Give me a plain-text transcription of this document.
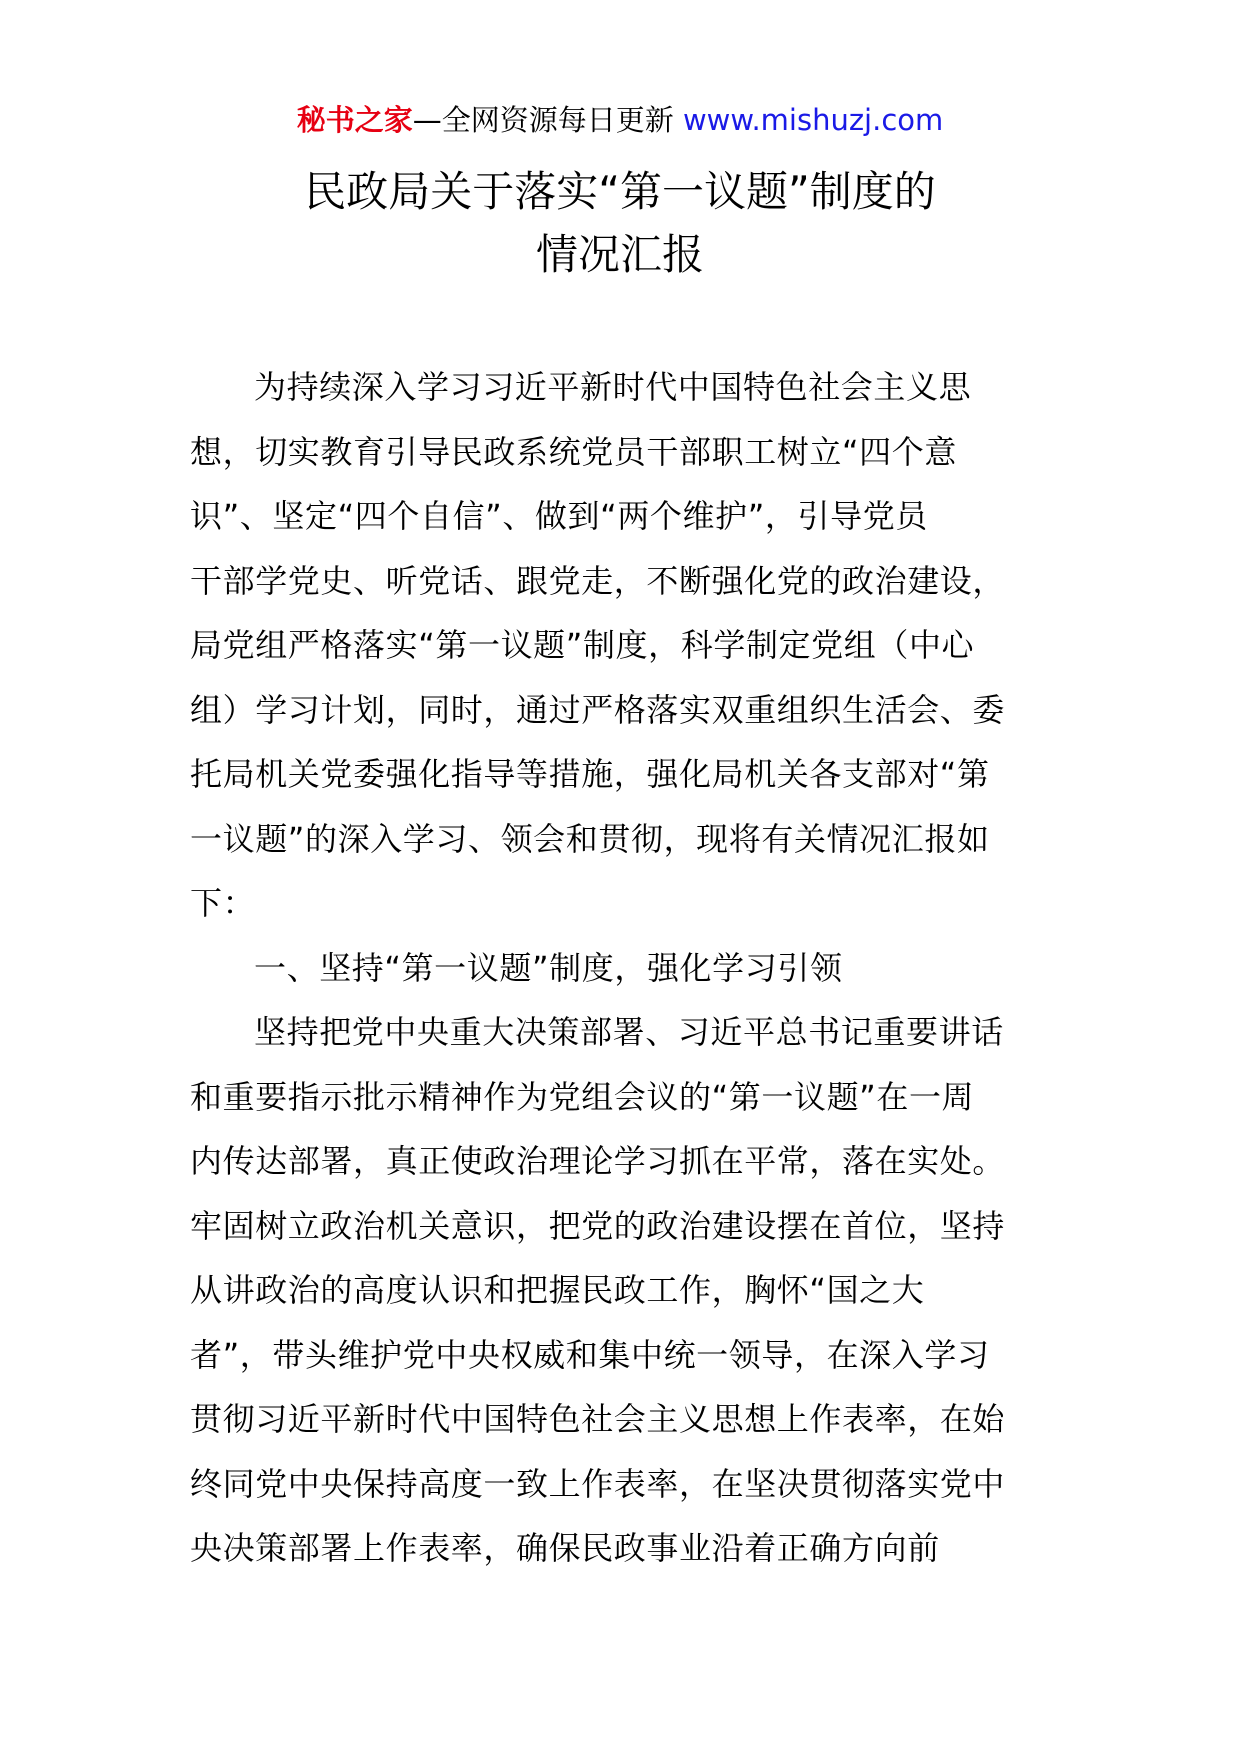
秘书之家—全网资源每日更新 www.mishuzj.com
民政局关于落实“第一议题”制度的
情况汇报
为持续深入学习习近平新时代中国特色社会主义思
想，切实教育引导民政系统党员干部职工树立“四个意
识”、坚定“四个自信”、做到“两个维护”，引导党员
干部学党史、听党话、跟党走，不断强化党的政治建设，
局党组严格落实“第一议题”制度，科学制定党组（中心
组）学习计划，同时，通过严格落实双重组织生活会、委
托局机关党委强化指导等措施，强化局机关各支部对“第
一议题”的深入学习、领会和贯彻，现将有关情况汇报如
下：
一、坚持“第一议题”制度，强化学习引领
坚持把党中央重大决策部署、习近平总书记重要讲话
和重要指示批示精神作为党组会议的“第一议题”在一周
内传达部署，真正使政治理论学习抓在平常，落在实处。
牢固树立政治机关意识，把党的政治建设摆在首位，坚持
从讲政治的高度认识和把握民政工作，胸怀“国之大
者”，带头维护党中央权威和集中统一领导，在深入学习
贯彻习近平新时代中国特色社会主义思想上作表率，在始
终同党中央保持高度一致上作表率，在坚决贯彻落实党中
央决策部署上作表率，确保民政事业沿着正确方向前
